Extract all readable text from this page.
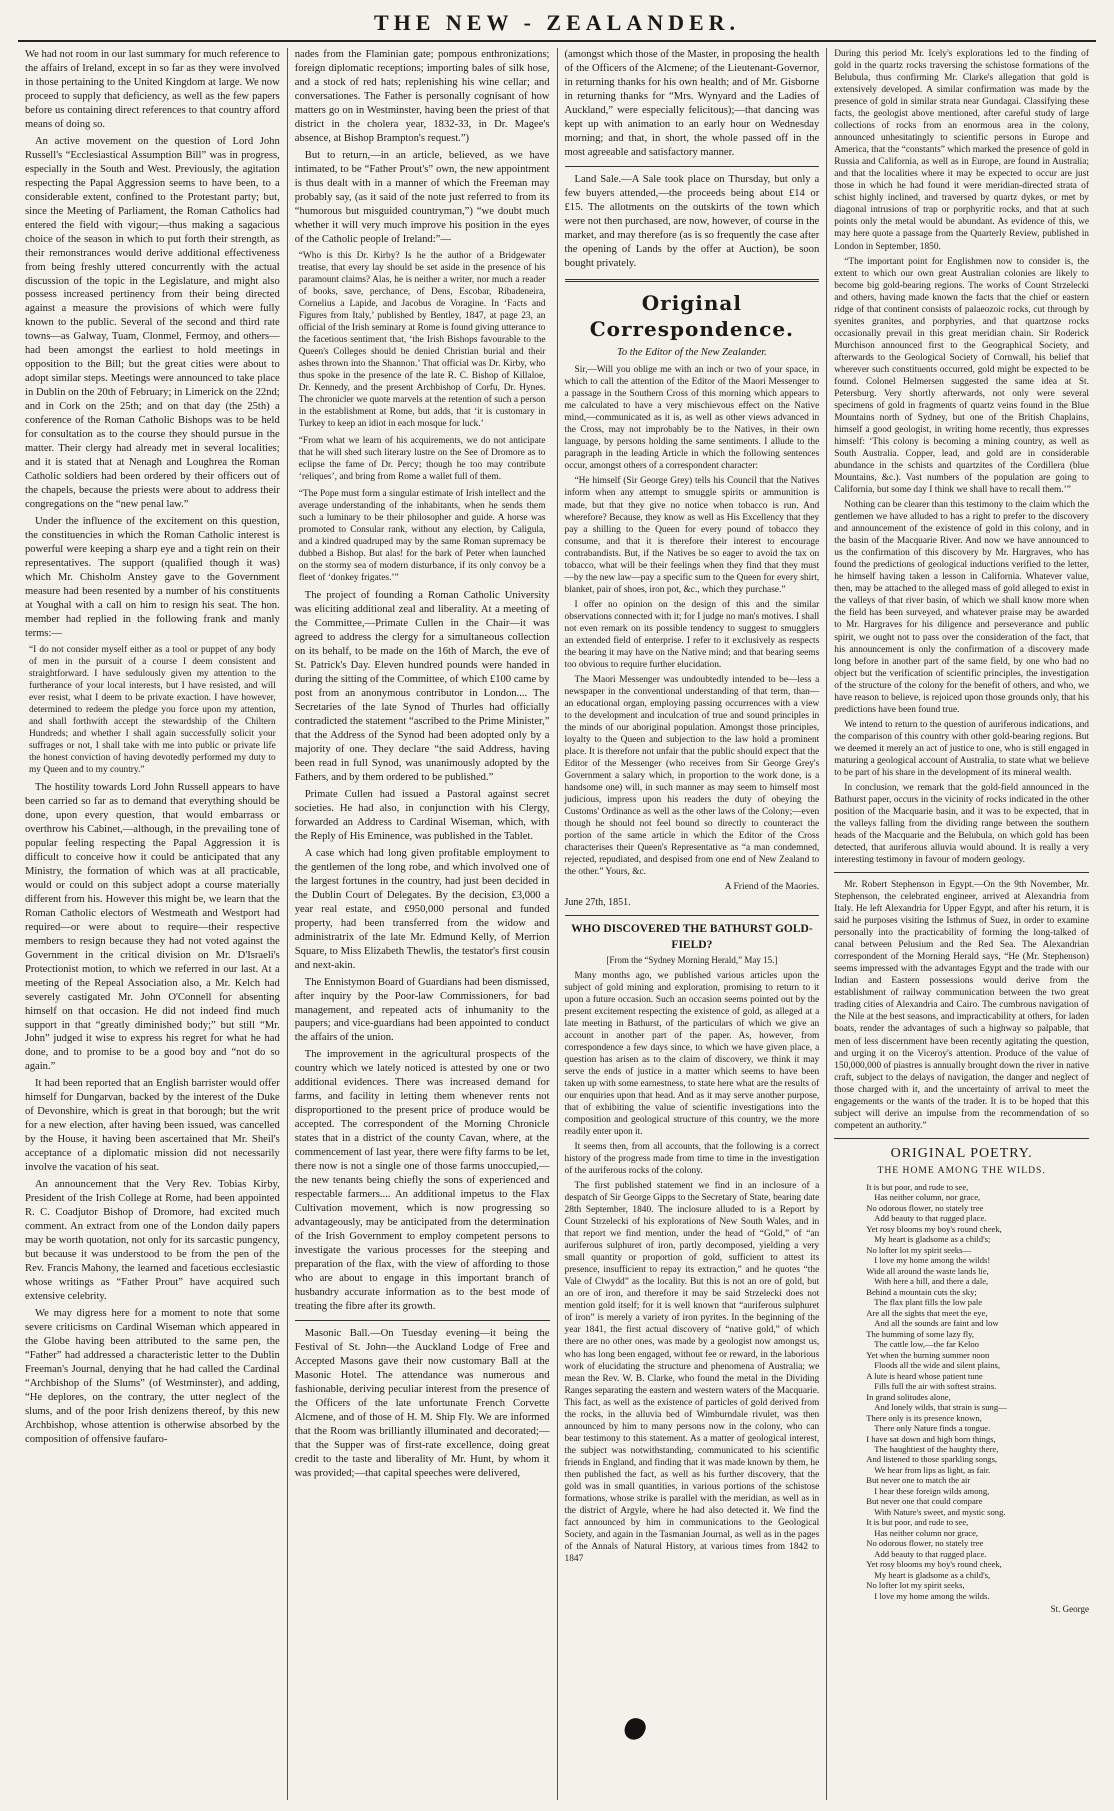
THE NEW - ZEALANDER.

We had not room in our last summary for much reference to the affairs of Ireland, except in so far as they were involved in those pertaining to the United Kingdom at large. We now proceed to supply that deficiency, as well as the few papers before us containing direct references to that country afford means of doing so.

An active movement on the question of Lord John Russell's “Ecclesiastical Assumption Bill” was in progress, especially in the South and West. Previously, the agitation respecting the Papal Aggression seems to have been, to a considerable extent, confined to the Protestant party; but, since the Meeting of Parliament, the Roman Catholics had entered the field with vigour;—thus making a sagacious choice of the season in which to put forth their strength, as their remonstrances would derive additional effectiveness from being freshly uttered concurrently with the actual discussion of the topic in the Legislature, and might also possess increased pertinency from their being directed against a measure the provisions of which were fully known to the public. Several of the second and third rate towns—as Galway, Tuam, Clonmel, Fermoy, and others—had been amongst the earliest to hold meetings in opposition to the Bill; but the great cities were about to adopt similar steps. Meetings were announced to take place in Dublin on the 20th of February; in Limerick on the 22nd; and in Cork on the 25th; and on that day (the 25th) a conference of the Roman Catholic Bishops was to be held for consultation as to the course they should pursue in the matter. Their clergy had already met in several localities; and it is stated that at Nenagh and Loughrea the Roman Catholic soldiers had been ordered by their officers out of the chapels, because the priests were about to address their congregations on the “new penal law.”

Under the influence of the excitement on this question, the constituencies in which the Roman Catholic interest is powerful were keeping a sharp eye and a tight rein on their representatives. The support (qualified though it was) which Mr. Chisholm Anstey gave to the Government measure had been resented by a number of his constituents at Youghal with a call on him to resign his seat. The hon. member had replied in the following frank and manly terms:—

“I do not consider myself either as a tool or puppet of any body of men in the pursuit of a course I deem consistent and straightforward. I have sedulously given my attention to the furtherance of your local interests, but I have resisted, and will ever resist, what I deem to be private exaction. I have however, determined to redeem the pledge you force upon my attention, and shall forthwith accept the stewardship of the Chiltern Hundreds; and whether I shall again successfully solicit your suffrages or not, I shall take with me into public or private life the honest conviction of having devotedly performed my duty to my Queen and to my country.”

The hostility towards Lord John Russell appears to have been carried so far as to demand that everything should be done, upon every question, that would embarrass or overthrow his Cabinet,—although, in the prevailing tone of popular feeling respecting the Papal Aggression it is difficult to conceive how it could be anticipated that any Ministry, the formation of which was at all practicable, would or could on this subject adopt a course materially different from his. However this might be, we learn that the Roman Catholic electors of Westmeath and Westport had required—or were about to require—their respective members to resign because they had not voted against the Government in the critical division on Mr. D'Israeli's Protectionist motion, to which we referred in our last. At a meeting of the Repeal Association also, a Mr. Kelch had severely castigated Mr. John O'Connell for absenting himself on that occasion. He did not indeed find much support in that “greatly diminished body;” but still “Mr. John” judged it wise to express his regret for what he had done, and to promise to be a good boy and “not do so again.”

It had been reported that an English barrister would offer himself for Dungarvan, backed by the interest of the Duke of Devonshire, which is great in that borough; but the writ for a new election, after having been issued, was cancelled by the House, it having been ascertained that Mr. Sheil's acceptance of a diplomatic mission did not necessarily involve the vacation of his seat.

An announcement that the Very Rev. Tobias Kirby, President of the Irish College at Rome, had been appointed R. C. Coadjutor Bishop of Dromore, had excited much comment. An extract from one of the London daily papers may be worth quotation, not only for its sarcastic pungency, but because it was understood to be from the pen of the Rev. Francis Mahony, the learned and facetious ecclesiastic whose writings as “Father Prout” have acquired such extensive celebrity.

We may digress here for a moment to note that some severe criticisms on Cardinal Wiseman which appeared in the Globe having been attributed to the same pen, the “Father” had addressed a characteristic letter to the Dublin Freeman's Journal, denying that he had called the Cardinal “Archbishop of the Slums” (of Westminster), and adding, “He deplores, on the contrary, the utter neglect of the slums, and of the poor Irish denizens thereof, by this new Archbishop, whose attention is otherwise absorbed by the composition of offensive faufaro-

nades from the Flaminian gate; pompous enthronizations; foreign diplomatic receptions; importing bales of silk hose, and a stock of red hats; replenishing his wine cellar; and conversationes. The Father is personally cognisant of how matters go on in Westminster, having been the priest of that district in the cholera year, 1832-33, in Dr. Magee's absence, at Bishop Brampton's request.”)

But to return,—in an article, believed, as we have intimated, to be “Father Prout's” own, the new appointment is thus dealt with in a manner of which the Freeman may probably say, (as it said of the note just referred to from its “humorous but misguided countryman,”) “we doubt much whether it will very much improve his position in the eyes of the Catholic people of Ireland:”—

“Who is this Dr. Kirby? Is he the author of a Bridgewater treatise, that every lay should be set aside in the presence of his paramount claims? Alas, he is neither a writer, nor much a reader of books, save, perchance, of Dens, Escobar, Ribadeneira, Cornelius a Lapide, and Jacobus de Voragine. In ‘Facts and Figures from Italy,’ published by Bentley, 1847, at page 23, an official of the Irish seminary at Rome is found giving utterance to the facetious sentiment that, ‘the Irish Bishops favourable to the Queen's Colleges should be denied Christian burial and their ashes thrown into the Shannon.’ That official was Dr. Kirby, who thus spoke in the presence of the late R. C. Bishop of Killaloe, Dr. Kennedy, and the present Archbishop of Corfu, Dr. Hynes. The chronicler we quote marvels at the retention of such a person in the establishment at Rome, but adds, that ‘it is customary in Turkey to keep an idiot in each mosque for luck.’
“From what we learn of his acquirements, we do not anticipate that he will shed such literary lustre on the See of Dromore as to eclipse the fame of Dr. Percy; though he too may contribute ‘reliques’, and bring from Rome a wallet full of them.
“The Pope must form a singular estimate of Irish intellect and the average understanding of the inhabitants, when he sends them such a luminary to be their philosopher and guide. A horse was promoted to Consular rank, without any election, by Caligula, and a kindred quadruped may by the same Roman supremacy be dubbed a Bishop. But alas! for the bark of Peter when launched on the stormy sea of modern disturbance, if its only convoy be a fleet of ‘donkey frigates.’”

The project of founding a Roman Catholic University was eliciting additional zeal and liberality. At a meeting of the Committee,—Primate Cullen in the Chair—it was agreed to address the clergy for a simultaneous collection on its behalf, to be made on the 16th of March, the eve of St. Patrick's Day. Eleven hundred pounds were handed in during the sitting of the Committee, of which £100 came by post from an anonymous contributor in London.... The Secretaries of the late Synod of Thurles had officially contradicted the statement “ascribed to the Prime Minister,” that the Address of the Synod had been adopted only by a majority of one. They declare “the said Address, having been read in full Synod, was unanimously adopted by the Fathers, and by them ordered to be published.”

Primate Cullen had issued a Pastoral against secret societies. He had also, in conjunction with his Clergy, forwarded an Address to Cardinal Wiseman, which, with the Reply of His Eminence, was published in the Tablet.

A case which had long given profitable employment to the gentlemen of the long robe, and which involved one of the largest fortunes in the country, had just been decided in the Dublin Court of Delegates. By the decision, £3,000 a year real estate, and £950,000 personal and funded property, had been transferred from the widow and administratrix of the late Mr. Edmund Kelly, of Merrion Square, to Miss Elizabeth Thewlis, the testator's first cousin and next-akin.

The Ennistymon Board of Guardians had been dismissed, after inquiry by the Poor-law Commissioners, for bad management, and repeated acts of inhumanity to the paupers; and vice-guardians had been appointed to conduct the affairs of the union.

The improvement in the agricultural prospects of the country which we lately noticed is attested by one or two additional evidences. There was increased demand for farms, and facility in letting them whenever rents not disproportioned to the present price of produce would be accepted. The correspondent of the Morning Chronicle states that in a district of the county Cavan, where, at the commencement of last year, there were fifty farms to be let, there now is not a single one of those farms unoccupied,—the new tenants being chiefly the sons of experienced and respectable farmers.... An additional impetus to the Flax Cultivation movement, which is now progressing so advantageously, may be anticipated from the determination of the Irish Government to employ competent persons to investigate the various processes for the steeping and preparation of the flax, with the view of affording to those who are about to engage in this important branch of husbandry accurate information as to the best mode of treating the fibre after its growth.

Masonic Ball.—On Tuesday evening—it being the Festival of St. John—the Auckland Lodge of Free and Accepted Masons gave their now customary Ball at the Masonic Hotel. The attendance was numerous and fashionable, deriving peculiar interest from the presence of the Officers of the late unfortunate French Corvette Alcmene, and of those of H. M. Ship Fly. We are informed that the Room was brilliantly illuminated and decorated;—that the Supper was of first-rate excellence, doing great credit to the taste and liberality of Mr. Hunt, by whom it was provided;—that capital speeches were delivered,

(amongst which those of the Master, in proposing the health of the Officers of the Alcmene; of the Lieutenant-Governor, in returning thanks for his own health; and of Mr. Gisborne in returning thanks for “Mrs. Wynyard and the Ladies of Auckland,” were especially felicitous);—that dancing was kept up with animation to an early hour on Wednesday morning; and that, in short, the whole passed off in the most agreeable and satisfactory manner.

Land Sale.—A Sale took place on Thursday, but only a few buyers attended,—the proceeds being about £14 or £15. The allotments on the outskirts of the town which were not then purchased, are now, however, of course in the market, and may therefore (as is so frequently the case after the opening of Lands by the offer at Auction), be soon bought privately.

Original Correspondence.
To the Editor of the New Zealander.

Sir,—Will you oblige me with an inch or two of your space, in which to call the attention of the Editor of the Maori Messenger to a passage in the Southern Cross of this morning which appears to me calculated to have a very mischievous effect on the Native mind,—communicated as it is, as well as other views advanced in the Cross, may not improbably be to the Natives, in their own language, by persons holding the same sentiments. I allude to the paragraph in the leading Article in which the following sentences occur, amongst others of a correspondent character:

“He himself (Sir George Grey) tells his Council that the Natives inform when any attempt to smuggle spirits or ammunition is made, but that they give no notice when tobacco is run. And wherefore? Because, they know as well as His Excellency that they pay a shilling to the Queen for every pound of tobacco they consume, and that it is therefore their interest to encourage contrabandists. But, if the Natives be so eager to avoid the tax on tobacco, what will be their feelings when they find that they must—by the new law—pay a specific sum to the Queen for every shirt, blanket, pair of shoes, iron pot, &c., which they purchase.”

I offer no opinion on the design of this and the similar observations connected with it; for I judge no man's motives. I shall not even remark on its possible tendency to suggest to smugglers an extended field of enterprise. I refer to it exclusively as respects the bearing it may have on the Native mind; and that bearing seems too obvious to require further elucidation.

The Maori Messenger was undoubtedly intended to be—less a newspaper in the conventional understanding of that term, than—an educational organ, employing passing occurrences with a view to the development and inculcation of true and sound principles in the minds of our aboriginal population. Amongst those principles, loyalty to the Queen and subjection to the law hold a prominent place. It is therefore not unfair that the public should expect that the Editor of the Messenger (who receives from Sir George Grey's Government a salary which, in proportion to the work done, is a handsome one) will, in such manner as may seem to himself most judicious, impress upon his readers the duty of obeying the Customs' Ordinance as well as the other laws of the Colony;—even though he should not feel bound so directly to counteract the portion of the same article in which the Editor of the Cross characterises their Queen's Representative as “a man condemned, rejected, repudiated, and despised from one end of New Zealand to the other.” Yours, &c.

A Friend of the Maories.
June 27th, 1851.
WHO DISCOVERED THE BATHURST GOLD-FIELD?
[From the “Sydney Morning Herald,” May 15.]

Many months ago, we published various articles upon the subject of gold mining and exploration, promising to return to it upon a future occasion. Such an occasion seems pointed out by the present excitement respecting the existence of gold, as alleged at a late meeting in Bathurst, of the particulars of which we give an account in another part of the paper. As, however, from correspondence a few days since, to which we have given place, a question has arisen as to the claim of discovery, we think it may serve the ends of justice in a matter which seems to have been taken up with some earnestness, to state here what are the results of our enquiries upon that head. And as it may serve another purpose, that of exhibiting the value of scientific investigations into the composition and geological structure of this country, we the more readily enter upon it.

It seems then, from all accounts, that the following is a correct history of the progress made from time to time in the investigation of the auriferous rocks of the colony.

The first published statement we find in an inclosure of a despatch of Sir George Gipps to the Secretary of State, bearing date 28th September, 1840. The inclosure alluded to is a Report by Count Strzelecki of his explorations of New South Wales, and in that report we find mention, under the head of “Gold,” of “an auriferous sulphuret of iron, partly decomposed, yielding a very small quantity or proportion of gold, sufficient to attest its presence, insufficient to repay its extraction,” and he quotes “the Vale of Clwydd” as the locality. But this is not an ore of gold, but an ore of iron, and therefore it may be said Strzelecki does not mention gold itself; for it is well known that “auriferous sulphuret of iron” is merely a variety of iron pyrites. In the beginning of the year 1841, the first actual discovery of “native gold,” of which there are no other ones, was made by a geologist now amongst us, who has long been engaged, without fee or reward, in the laborious work of elucidating the structure and phenomena of Australia; we mean the Rev. W. B. Clarke, who found the metal in the Dividing Ranges separating the eastern and western waters of the Macquarie. This fact, as well as the existence of particles of gold derived from the rocks, in the alluvia bed of Wimburndale rivulet, was then announced by him to many persons now in the colony, who can bear testimony to this statement. As a matter of geological interest, the subject was notwithstanding, communicated to his scientific friends in England, and finding that it was made known by them, he then published the fact, as well as his further discovery, that the gold was in small quantities, in various portions of the schistose formations, whose strike is parallel with the meridian, as well as in the district of Argyle, where he had also detected it. We find the fact announced by him in communications to the Geological Society, and again in the Tasmanian Journal, as well as in the pages of the Annals of Natural History, at various times from 1842 to 1847

During this period Mr. Icely's explorations led to the finding of gold in the quartz rocks traversing the schistose formations of the Belubula, thus confirming Mr. Clarke's allegation that gold is extensively developed. A similar confirmation was made by the presence of gold in similar strata near Gundagai. Classifying these facts, the geologist above mentioned, after careful study of large collections of rocks from an enormous area in the colony, announced unhesitatingly to scientific persons in Europe and America, that the “constants” which marked the presence of gold in Russia and California, as well as in Europe, are found in Australia; and that the localities where it may be expected to occur are just those in which he had found it were meridian-directed strata of schist highly inclined, and traversed by quartz dykes, or met by diagonal intrusions of trap or porphyritic rocks, and that at such points only the metal would be abundant. As evidence of this, we may here quote a passage from the Quarterly Review, published in London in September, 1850.

“The important point for Englishmen now to consider is, the extent to which our own great Australian colonies are likely to become big gold-bearing regions. The works of Count Strzelecki and others, having made known the facts that the chief or eastern ridge of that continent consists of palaeozoic rocks, cut through by syenites granites, and porphyries, and that quartzose rocks occasionally prevail in this great meridian chain. Sir Roderick Murchison announced first to the Geographical Society, and afterwards to the Geological Society of Cornwall, his belief that wherever such constituents occurred, gold might be expected to be found. Colonel Helmersen suggested the same idea at St. Petersburg. Very shortly afterwards, not only were several specimens of gold in fragments of quartz veins found in the Blue Mountains north of Sydney, but one of the British Chaplains, himself a good geologist, in writing home recently, thus expresses himself: ‘This colony is becoming a mining country, as well as South Australia. Copper, lead, and gold are in considerable abundance in the schists and quartzites of the Cordillera (blue Mountains, &c.). Vast numbers of the population are going to California, but some day I think we shall have to recall them.’”

Nothing can be clearer than this testimony to the claim which the gentlemen we have alluded to has a right to prefer to the discovery and announcement of the existence of gold in this colony, and in the basin of the Macquarie River. And now we have announced to us the confirmation of this discovery by Mr. Hargraves, who has found the predictions of geological inductions verified to the letter, he himself having taken a lesson in California. Whatever value, then, may be attached to the alleged mass of gold alleged to exist in the valleys of that river basin, of which we shall know more when the field has been surveyed, and whatever praise may be awarded to Mr. Hargraves for his diligence and perseverance and public spirit, we ought not to pass over the consideration of the fact, that his announcement is only the confirmation of a discovery made long before in another part of the same field, by one who had no object but the verification of scientific principles, the investigation of the structure of the colony for the benefit of others, and who, we have reason to believe, is rejoiced upon those grounds only, that his predictions have been found true.

We intend to return to the question of auriferous indications, and the comparison of this country with other gold-bearing regions. But we deemed it merely an act of justice to one, who is still engaged in maturing a geological account of Australia, to state what we believe to be part of his share in the development of its mineral wealth.

In conclusion, we remark that the gold-field announced in the Bathurst paper, occurs in the vicinity of rocks indicated in the other position of the Macquarie basin, and it was to be expected, that in the valleys falling from the dividing range between the southern heads of the Macquarie and the Belubula, on which gold has been detected, that auriferous alluvia would abound. It is really a very interesting testimony in favour of modern geology.

Mr. Robert Stephenson in Egypt.—On the 9th November, Mr. Stephenson, the celebrated engineer, arrived at Alexandria from Italy. He left Alexandria for Upper Egypt, and after his return, it is said he purposes visiting the Isthmus of Suez, in order to examine personally into the practicability of forming the long-talked of canal between Pelusium and the Red Sea. The Alexandrian correspondent of the Morning Herald says, “He (Mr. Stephenson) seems impressed with the advantages Egypt and the trade with our Indian and Eastern possessions would derive from the establishment of railway communication between the two great trading cities of Alexandria and Cairo. The cumbrous navigation of the Nile at the best seasons, and impracticability at others, for laden boats, render the advantages of such a highway so palpable, that men of less discernment have been recently agitating the question, and urging it on the Viceroy's attention. Produce of the value of 150,000,000 of piastres is annually brought down the river in native craft, subject to the delays of navigation, the danger and neglect of those charged with it, and the uncertainty of arrival to meet the engagements or the wants of the trader. It is to be hoped that this subject will derive an impulse from the recommendation of so competent an authority.”

ORIGINAL POETRY.
THE HOME AMONG THE WILDS.
It is but poor, and rude to see,
Has neither column, nor grace,
No odorous flower, no stately tree
Add beauty to that rugged place.
Yet rosy blooms my boy's round cheek,
My heart is gladsome as a child's;
No lofter lot my spirit seeks—
I love my home among the wilds!
Wide all around the waste lands lie,
With here a hill, and there a dale,
Behind a mountain cuts the sky;
The flax plant fills the low pale
Are all the sights that meet the eye,
And all the sounds are faint and low
The humming of some lazy fly,
The cattle low,—the far Keloo
Yet when the burning summer noon
Floods all the wide and silent plains,
A lute is heard whose patient tune
Fills full the air with softest strains.
In grand solitudes alone,
And lonely wilds, that strain is sung—
There only is its presence known,
There only Nature finds a tongue.
I have sat down and high born things,
The haughtiest of the haughty there,
And listened to those sparkling songs,
We hear from lips as light, as fair.
But never one to match the air
I hear these foreign wilds among,
But never one that could compare
With Nature's sweet, and mystic song.
It is but poor, and rude to see,
Has neither column nor grace,
No odorous flower, no stately tree
Add beauty to that rugged place.
Yet rosy blooms my boy's round cheek,
My heart is gladsome as a child's,
No lofter lot my spirit seeks,
I love my home among the wilds.
St. George
